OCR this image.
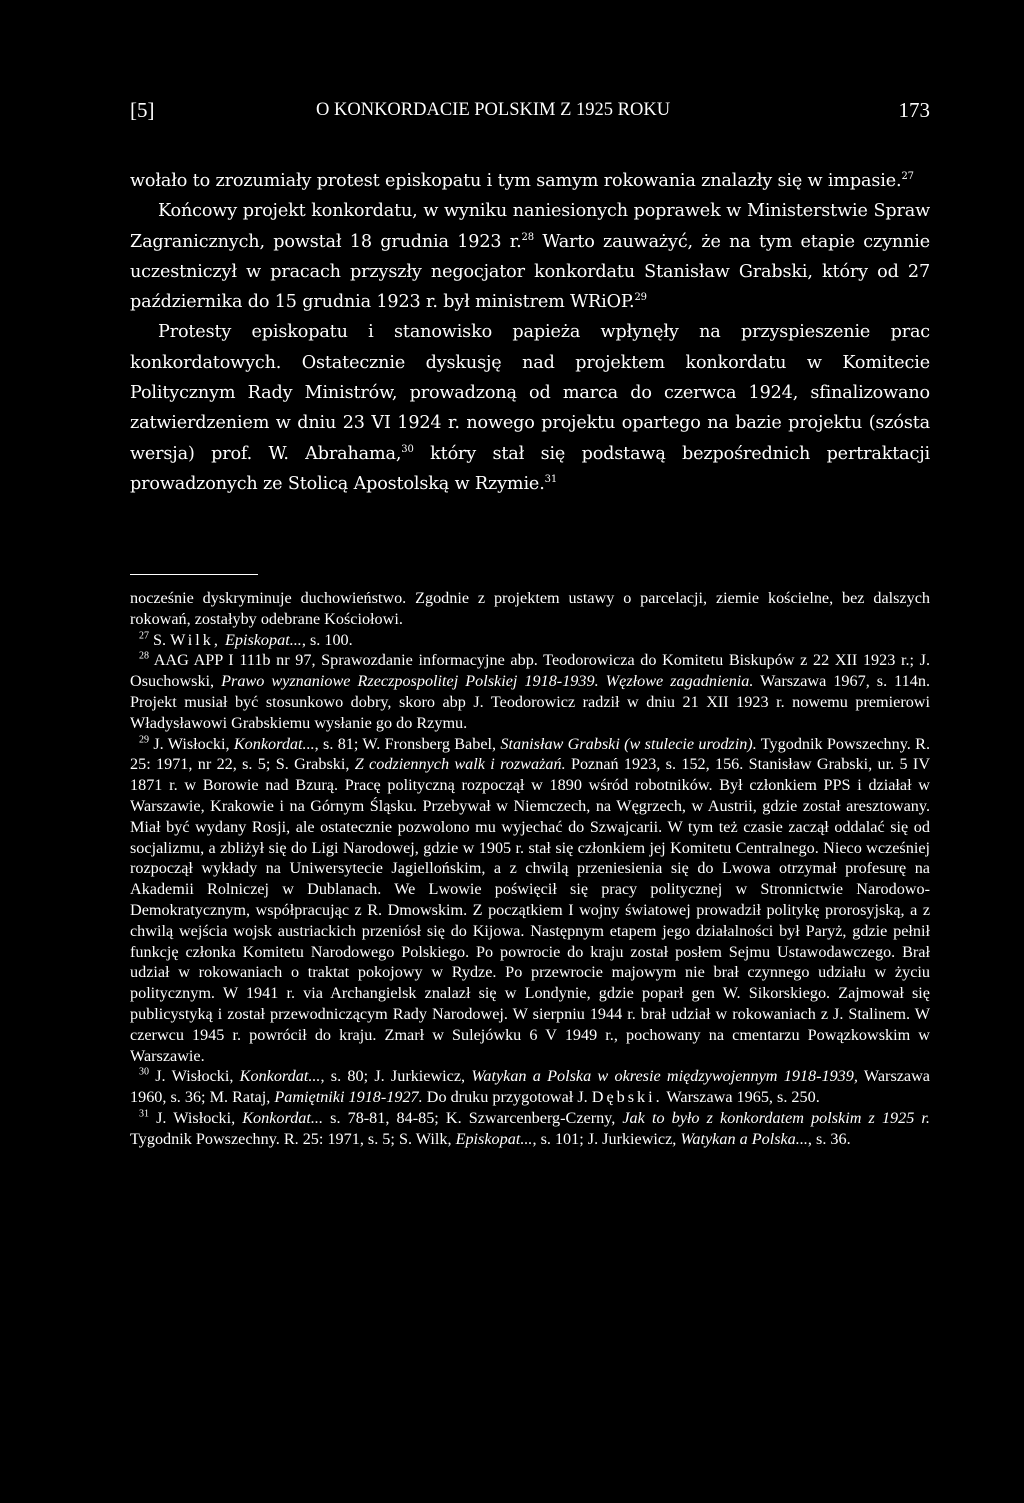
[5]	O KONKORDACIE POLSKIM Z 1925 ROKU	173

wołało to zrozumiały protest episkopatu i tym samym rokowania znalazły się w impasie.$^{27}$

Końcowy projekt konkordatu, w wyniku naniesionych poprawek w Ministerstwie Spraw Zagranicznych, powstał 18 grudnia 1923 r.$^{28}$ Warto zauważyć, że na tym etapie czynnie uczestniczył w pracach przyszły negocjator konkordatu Stanisław Grabski, który od 27 października do 15 grudnia 1923 r. był ministrem WRiOP.$^{29}$

Protesty episkopatu i stanowisko papieża wpłynęły na przyspieszenie prac konkordatowych. Ostatecznie dyskusję nad projektem konkordatu w Komitecie Politycznym Rady Ministrów, prowadzoną od marca do czerwca 1924, sfinalizowano zatwierdzeniem w dniu 23 VI 1924 r. nowego projektu opartego na bazie projektu (szósta wersja) prof. W. Abrahama,$^{30}$ który stał się podstawą bezpośrednich pertraktacji prowadzonych ze Stolicą Apostolską w Rzymie.$^{31}$

nocześnie dyskryminuje duchowieństwo. Zgodnie z projektem ustawy o parcelacji, ziemie kościelne, bez dalszych rokowań, zostałyby odebrane Kościołowi.

$^{27}$ S. Wilk, Episkopat..., s. 100.

$^{28}$ AAG APP I 111b nr 97, Sprawozdanie informacyjne abp. Teodorowicza do Komitetu Biskupów z 22 XII 1923 r.; J. Osuchowski, Prawo wyznaniowe Rzeczpospolitej Polskiej 1918-1939. Węzłowe zagadnienia. Warszawa 1967, s. 114n. Projekt musiał być stosunkowo dobry, skoro abp J. Teodorowicz radził w dniu 21 XII 1923 r. nowemu premierowi Władysławowi Grabskiemu wysłanie go do Rzymu.

$^{29}$ J. Wisłocki, Konkordat..., s. 81; W. Fronsberg Babel, Stanisław Grabski (w stulecie urodzin). Tygodnik Powszechny. R. 25: 1971, nr 22, s. 5; S. Grabski, Z codziennych walk i rozważań. Poznań 1923, s. 152, 156. Stanisław Grabski, ur. 5 IV 1871 r. w Borowie nad Bzurą. Pracę polityczną rozpoczął w 1890 wśród robotników. Był członkiem PPS i działał w Warszawie, Krakowie i na Górnym Śląsku. Przebywał w Niemczech, na Węgrzech, w Austrii, gdzie został aresztowany. Miał być wydany Rosji, ale ostatecznie pozwolono mu wyjechać do Szwajcarii. W tym też czasie zaczął oddalać się od socjalizmu, a zbliżył się do Ligi Narodowej, gdzie w 1905 r. stał się członkiem jej Komitetu Centralnego. Nieco wcześniej rozpoczął wykłady na Uniwersytecie Jagiellońskim, a z chwilą przeniesienia się do Lwowa otrzymał profesurę na Akademii Rolniczej w Dublanach. We Lwowie poświęcił się pracy politycznej w Stronnictwie Narodowo-Demokratycznym, współpracując z R. Dmowskim. Z początkiem I wojny światowej prowadził politykę prorosyjską, a z chwilą wejścia wojsk austriackich przeniósł się do Kijowa. Następnym etapem jego działalności był Paryż, gdzie pełnił funkcję członka Komitetu Narodowego Polskiego. Po powrocie do kraju został posłem Sejmu Ustawodawczego. Brał udział w rokowaniach o traktat pokojowy w Rydze. Po przewrocie majowym nie brał czynnego udziału w życiu politycznym. W 1941 r. via Archangielsk znalazł się w Londynie, gdzie poparł gen W. Sikorskiego. Zajmował się publicystyką i został przewodniczącym Rady Narodowej. W sierpniu 1944 r. brał udział w rokowaniach z J. Stalinem. W czerwcu 1945 r. powrócił do kraju. Zmarł w Sulejówku 6 V 1949 r., pochowany na cmentarzu Powązkowskim w Warszawie.

$^{30}$ J. Wisłocki, Konkordat..., s. 80; J. Jurkiewicz, Watykan a Polska w okresie międzywojennym 1918-1939, Warszawa 1960, s. 36; M. Rataj, Pamiętniki 1918-1927. Do druku przygotował J. Dębski. Warszawa 1965, s. 250.

$^{31}$ J. Wisłocki, Konkordat... s. 78-81, 84-85; K. Szwarcenberg-Czerny, Jak to było z konkordatem polskim z 1925 r. Tygodnik Powszechny. R. 25: 1971, s. 5; S. Wilk, Episkopat..., s. 101; J. Jurkiewicz, Watykan a Polska..., s. 36.
